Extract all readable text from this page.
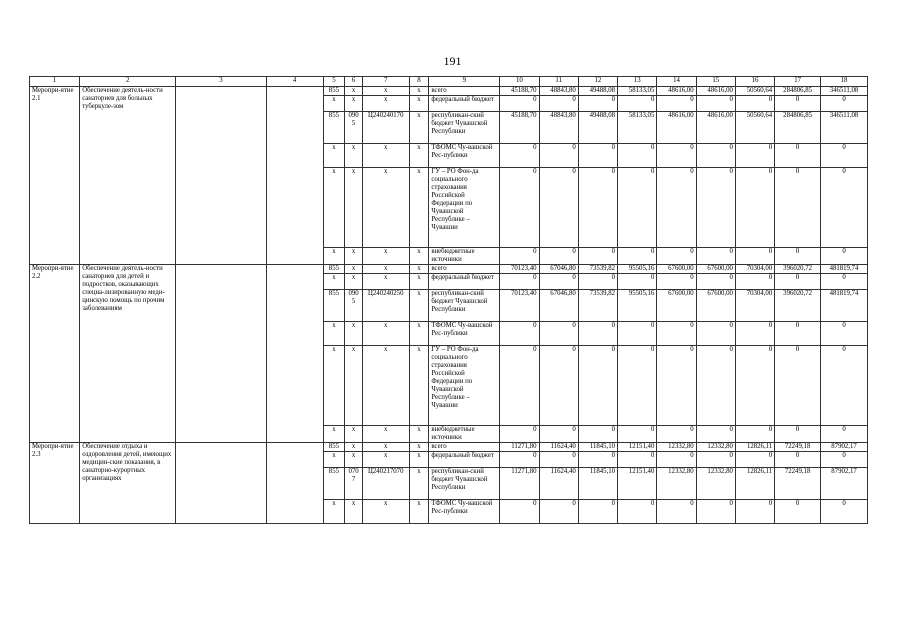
191
1	2	3	4	5	6	7	8	9	10	11	12	13	14	15	16	17	18
Меропри-ятие 2.1	Обеспечение деятель-ности санаториев для больных туберкуле-зом			855	х	х	х	всего	45188,70	48843,80	49488,08	58133,05	48616,00	48616,00	50560,64	284806,85	346511,08
				х	х	х	х	федеральный бюджет	0	0	0	0	0	0	0	0	0
				855	0905	Ц240240170	х	республикан-ский бюджет Чувашской Республики	45188,70	48843,80	49488,08	58133,05	48616,00	48616,00	50560,64	284806,85	346511,08
				х	х	х	х	ТФОМС Чу-вашской Рес-публики	0	0	0	0	0	0	0	0	0
				х	х	х	х	ГУ – РО Фон-да социального страхования Российской Федерации по Чувашской Республике – Чувашии	0	0	0	0	0	0	0	0	0
				х	х	х	х	внебюджетные источники	0	0	0	0	0	0	0	0	0
Меропри-ятие 2.2	Обеспечение деятель-ности санаториев для детей и подростков, оказывающих специа-лизированную меди-цинскую помощь по прочим заболеваниям			855	х	х	х	всего	70123,40	67046,80	73539,82	95505,16	67600,00	67600,00	70304,00	396020,72	481819,74
				х	х	х	х	федеральный бюджет	0	0	0	0	0	0	0	0	0
				855	0905	Ц240240250	х	республикан-ский бюджет Чувашской Республики	70123,40	67046,80	73539,82	95505,16	67600,00	67600,00	70304,00	396020,72	481819,74
				х	х	х	х	ТФОМС Чу-вашской Рес-публики	0	0	0	0	0	0	0	0	0
				х	х	х	х	ГУ – РО Фон-да социального страхования Российской Федерации по Чувашской Республике – Чувашии	0	0	0	0	0	0	0	0	0
				х	х	х	х	внебюджетные источники	0	0	0	0	0	0	0	0	0
Меропри-ятие 2.3	Обеспечение отдыха и оздоровления детей, имеющих медицин-ские показания, в санаторно-курортных организациях			855	х	х	х	всего	11271,80	11624,40	11845,10	12151,40	12332,80	12332,80	12826,11	72249,18	87902,17
				х	х	х	х	федеральный бюджет	0	0	0	0	0	0	0	0	0
				855	0707	Ц240217070	х	республикан-ский бюджет Чувашской Республики	11271,80	11624,40	11845,10	12151,40	12332,80	12332,80	12826,11	72249,18	87902,17
				х	х	х	х	ТФОМС Чу-вашской Рес-публики	0	0	0	0	0	0	0	0	0
